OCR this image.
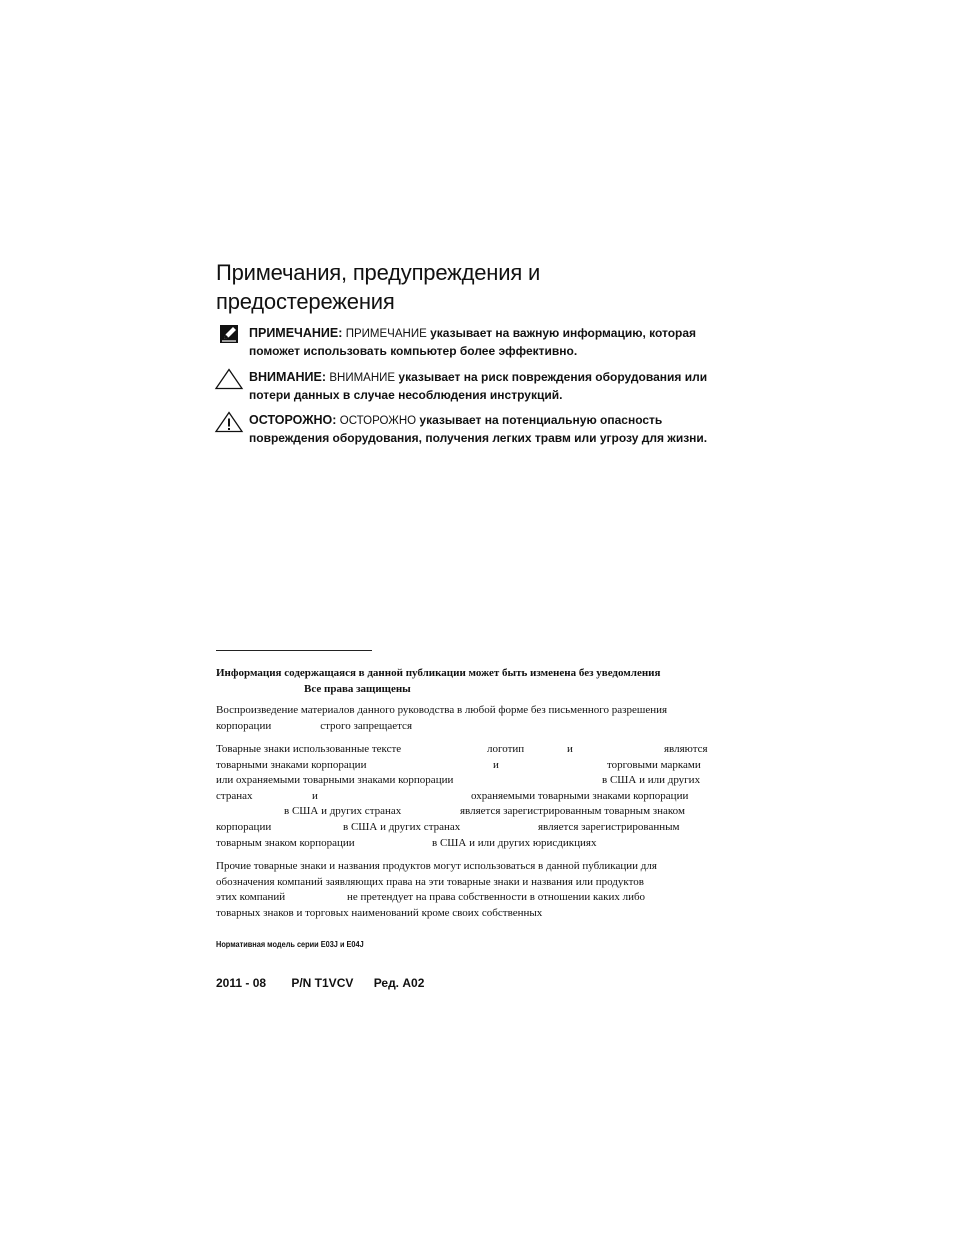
Примечания, предупреждения и
предостережения
ПРИМЕЧАНИЕ: ПРИМЕЧАНИЕ указывает на важную информацию, которая
поможет использовать компьютер более эффективно.
ВНИМАНИЕ: ВНИМАНИЕ указывает на риск повреждения оборудования или
потери данных в случае несоблюдения инструкций.
ОСТОРОЖНО: ОСТОРОЖНО указывает на потенциальную опасность
повреждения оборудования, получения легких травм или угрозу для жизни.
Информация содержащаяся в данной публикации может быть изменена без уведомления
Все права защищены
Воспроизведение материалов данного руководства в любой форме без письменного разрешения
корпорации	строго запрещается
Товарные знаки использованные тексте	логотип	и	являются
товарными знаками корпорации	и	торговыми марками
или охраняемыми товарными знаками корпорации	в США и или других
странах	и	охраняемыми товарными знаками корпорации
в США и других странах	является зарегистрированным товарным знаком
корпорации	в США и других странах	является зарегистрированным
товарным знаком корпорации	в США и или других юрисдикциях
Прочие товарные знаки и названия продуктов могут использоваться в данной публикации для
обозначения компаний заявляющих права на эти товарные знаки и названия или продуктов
этих компаний	не претендует на права собственности в отношении каких либо
товарных знаков и торговых наименований кроме своих собственных
Нормативная модель серии E03J и E04J
2011 - 08 P/N T1VCV Ред. A02
